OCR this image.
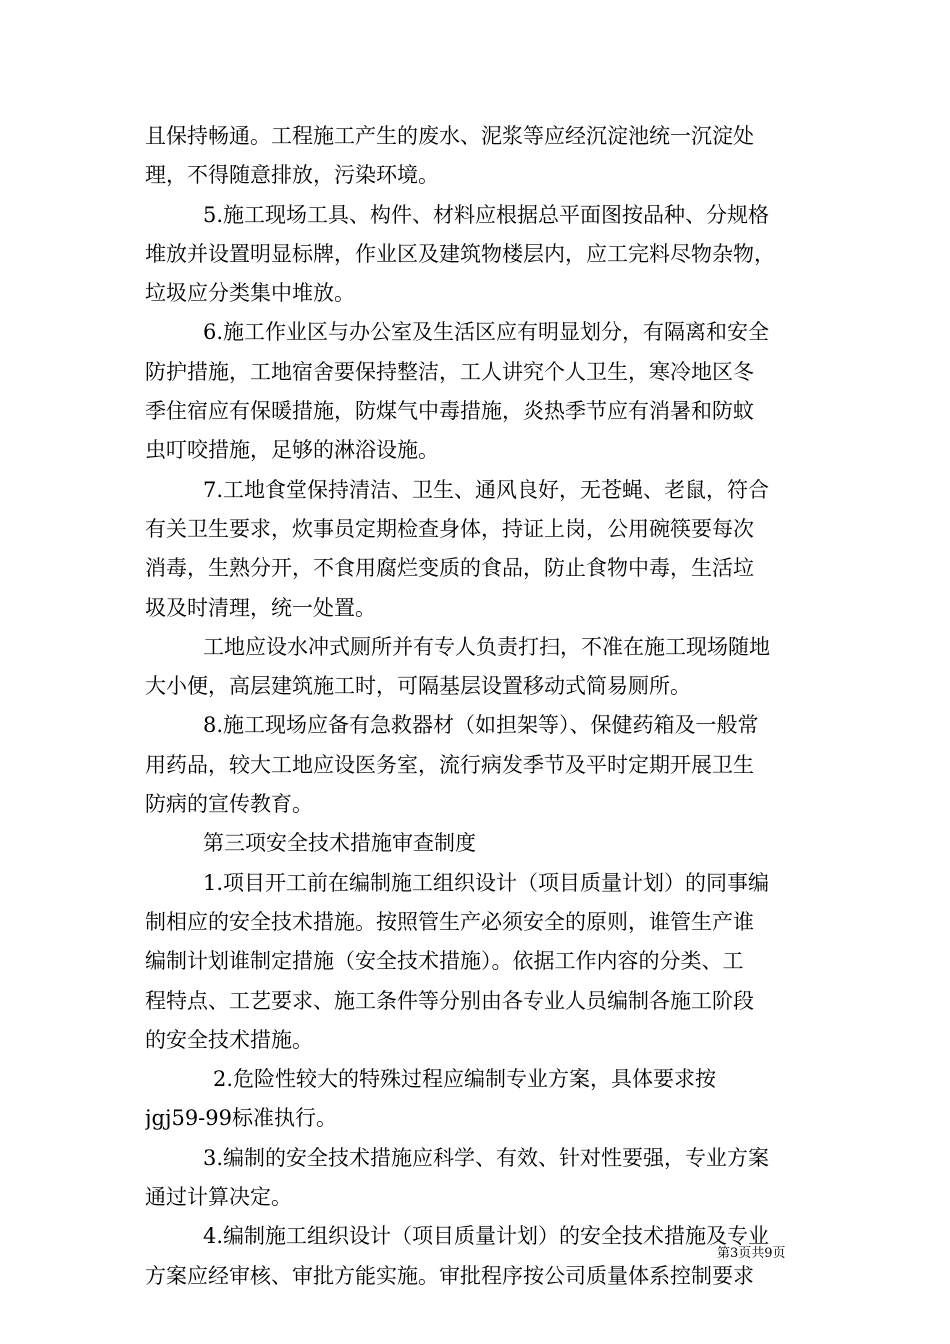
且保持畅通。工程施工产生的废水、泥浆等应经沉淀池统一沉淀处
理，不得随意排放，污染环境。
5.施工现场工具、构件、材料应根据总平面图按品种、分规格
堆放并设置明显标牌，作业区及建筑物楼层内，应工完料尽物杂物，
垃圾应分类集中堆放。
6.施工作业区与办公室及生活区应有明显划分，有隔离和安全
防护措施，工地宿舍要保持整洁，工人讲究个人卫生，寒冷地区冬
季住宿应有保暖措施，防煤气中毒措施，炎热季节应有消暑和防蚊
虫叮咬措施，足够的淋浴设施。
7.工地食堂保持清洁、卫生、通风良好，无苍蝇、老鼠，符合
有关卫生要求，炊事员定期检查身体，持证上岗，公用碗筷要每次
消毒，生熟分开，不食用腐烂变质的食品，防止食物中毒，生活垃
圾及时清理，统一处置。
工地应设水冲式厕所并有专人负责打扫，不准在施工现场随地
大小便，高层建筑施工时，可隔基层设置移动式简易厕所。
8.施工现场应备有急救器材（如担架等）、保健药箱及一般常
用药品，较大工地应设医务室，流行病发季节及平时定期开展卫生
防病的宣传教育。
第三项安全技术措施审查制度
1.项目开工前在编制施工组织设计（项目质量计划）的同事编
制相应的安全技术措施。按照管生产必须安全的原则，谁管生产谁
编制计划谁制定措施（安全技术措施）。依据工作内容的分类、工
程特点、工艺要求、施工条件等分别由各专业人员编制各施工阶段
的安全技术措施。
2.危险性较大的特殊过程应编制专业方案，具体要求按
jgj59-99标准执行。
3.编制的安全技术措施应科学、有效、针对性要强，专业方案
通过计算决定。
4.编制施工组织设计（项目质量计划）的安全技术措施及专业
方案应经审核、审批方能实施。审批程序按公司质量体系控制要求
第3页共9页
